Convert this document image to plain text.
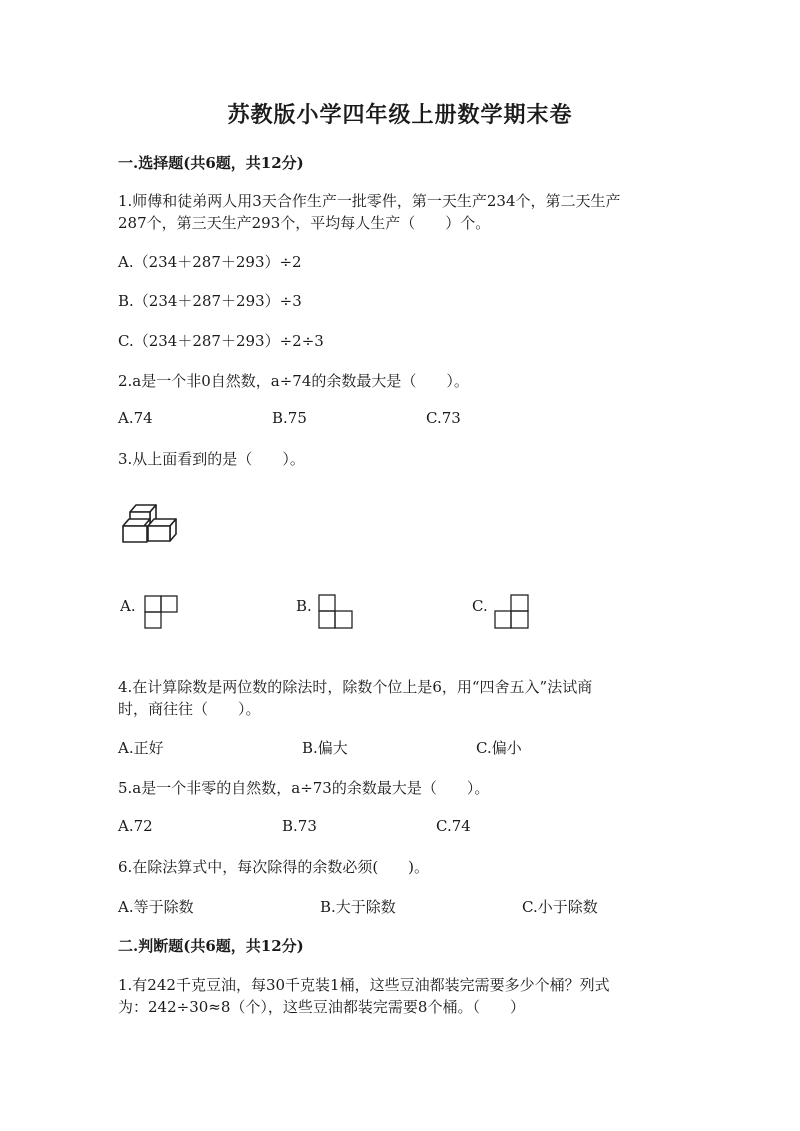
苏教版小学四年级上册数学期末卷
一.选择题(共6题，共12分)
1.师傅和徒弟两人用3天合作生产一批零件，第一天生产234个，第二天生产
287个，第三天生产293个，平均每人生产（　　）个。
A.（234＋287＋293）÷2
B.（234＋287＋293）÷3
C.（234＋287＋293）÷2÷3
2.a是一个非0自然数，a÷74的余数最大是（　　）。
A.74	B.75	C.73
3.从上面看到的是（　　）。
A.	B.	C.
4.在计算除数是两位数的除法时，除数个位上是6，用“四舍五入”法试商
时，商往往（　　）。
A.正好	B.偏大	C.偏小
5.a是一个非零的自然数，a÷73的余数最大是（　　）。
A.72	B.73	C.74
6.在除法算式中，每次除得的余数必须(　　)。
A.等于除数	B.大于除数	C.小于除数
二.判断题(共6题，共12分)
1.有242千克豆油，每30千克装1桶，这些豆油都装完需要多少个桶？列式
为：242÷30≈8（个），这些豆油都装完需要8个桶。（　　）
